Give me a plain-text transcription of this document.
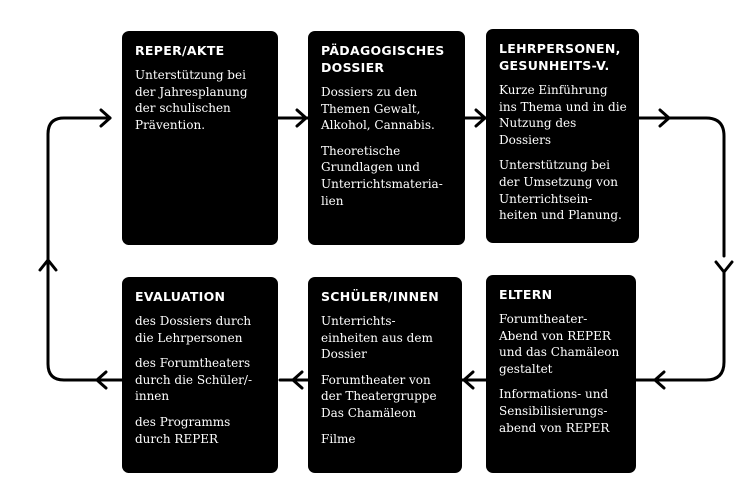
REPER/AKTE
Unterstützung bei der Jahresplanung der schulischen Prävention.
PÄDAGOGISCHES DOSSIER
Dossiers zu den Themen Gewalt, Alkohol, Cannabis.
Theoretische Grundlagen und Unterrichtsmateria-lien
LEHRPERSONEN, GESUNHEITS-V.
Kurze Einführung ins Thema und in die Nutzung des Dossiers
Unterstützung bei der Umsetzung von Unterrichtsein-heiten und Planung.
EVALUATION
des Dossiers durch die Lehrpersonen
des Forumtheaters durch die Schüler/-innen
des Programms durch REPER
SCHÜLER/INNEN
Unterrichts-einheiten aus dem Dossier
Forumtheater von der Theatergruppe Das Chamäleon
Filme
ELTERN
Forumtheater-Abend von REPER und das Chamäleon gestaltet
Informations- und Sensibilisierungs-abend von REPER
